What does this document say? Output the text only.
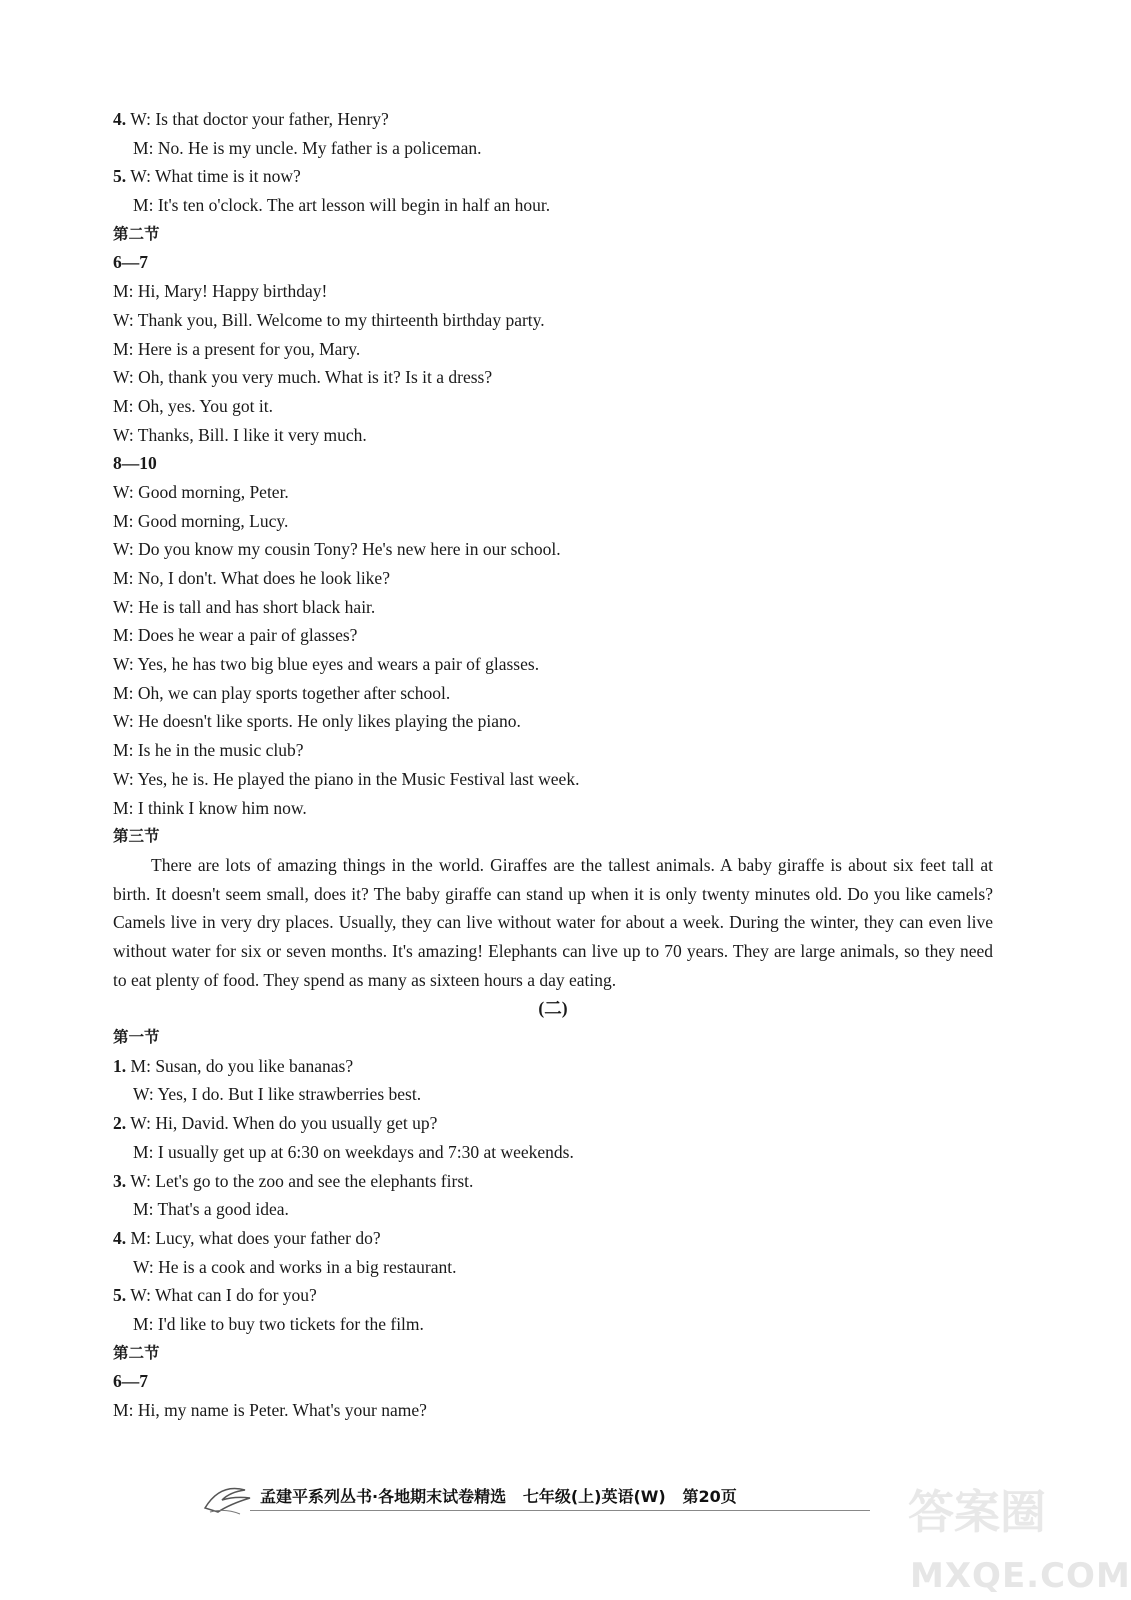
4. W: Is that doctor your father, Henry?
M: No. He is my uncle. My father is a policeman.
5. W: What time is it now?
M: It's ten o'clock. The art lesson will begin in half an hour.
第二节
6—7
M: Hi, Mary! Happy birthday!
W: Thank you, Bill. Welcome to my thirteenth birthday party.
M: Here is a present for you, Mary.
W: Oh, thank you very much. What is it? Is it a dress?
M: Oh, yes. You got it.
W: Thanks, Bill. I like it very much.
8—10
W: Good morning, Peter.
M: Good morning, Lucy.
W: Do you know my cousin Tony? He's new here in our school.
M: No, I don't. What does he look like?
W: He is tall and has short black hair.
M: Does he wear a pair of glasses?
W: Yes, he has two big blue eyes and wears a pair of glasses.
M: Oh, we can play sports together after school.
W: He doesn't like sports. He only likes playing the piano.
M: Is he in the music club?
W: Yes, he is. He played the piano in the Music Festival last week.
M: I think I know him now.
第三节
There are lots of amazing things in the world. Giraffes are the tallest animals. A baby giraffe is about six feet tall at birth. It doesn't seem small, does it? The baby giraffe can stand up when it is only twenty minutes old. Do you like camels? Camels live in very dry places. Usually, they can live without water for about a week. During the winter, they can even live without water for six or seven months. It's amazing! Elephants can live up to 70 years. They are large animals, so they need to eat plenty of food. They spend as many as sixteen hours a day eating.
(二)
第一节
1. M: Susan, do you like bananas?
W: Yes, I do. But I like strawberries best.
2. W: Hi, David. When do you usually get up?
M: I usually get up at 6:30 on weekdays and 7:30 at weekends.
3. W: Let's go to the zoo and see the elephants first.
M: That's a good idea.
4. M: Lucy, what does your father do?
W: He is a cook and works in a big restaurant.
5. W: What can I do for you?
M: I'd like to buy two tickets for the film.
第二节
6—7
M: Hi, my name is Peter. What's your name?
孟建平系列丛书·各地期末试卷精选 七年级(上)英语(W) 第20页	答案圈
MXQE.COM
